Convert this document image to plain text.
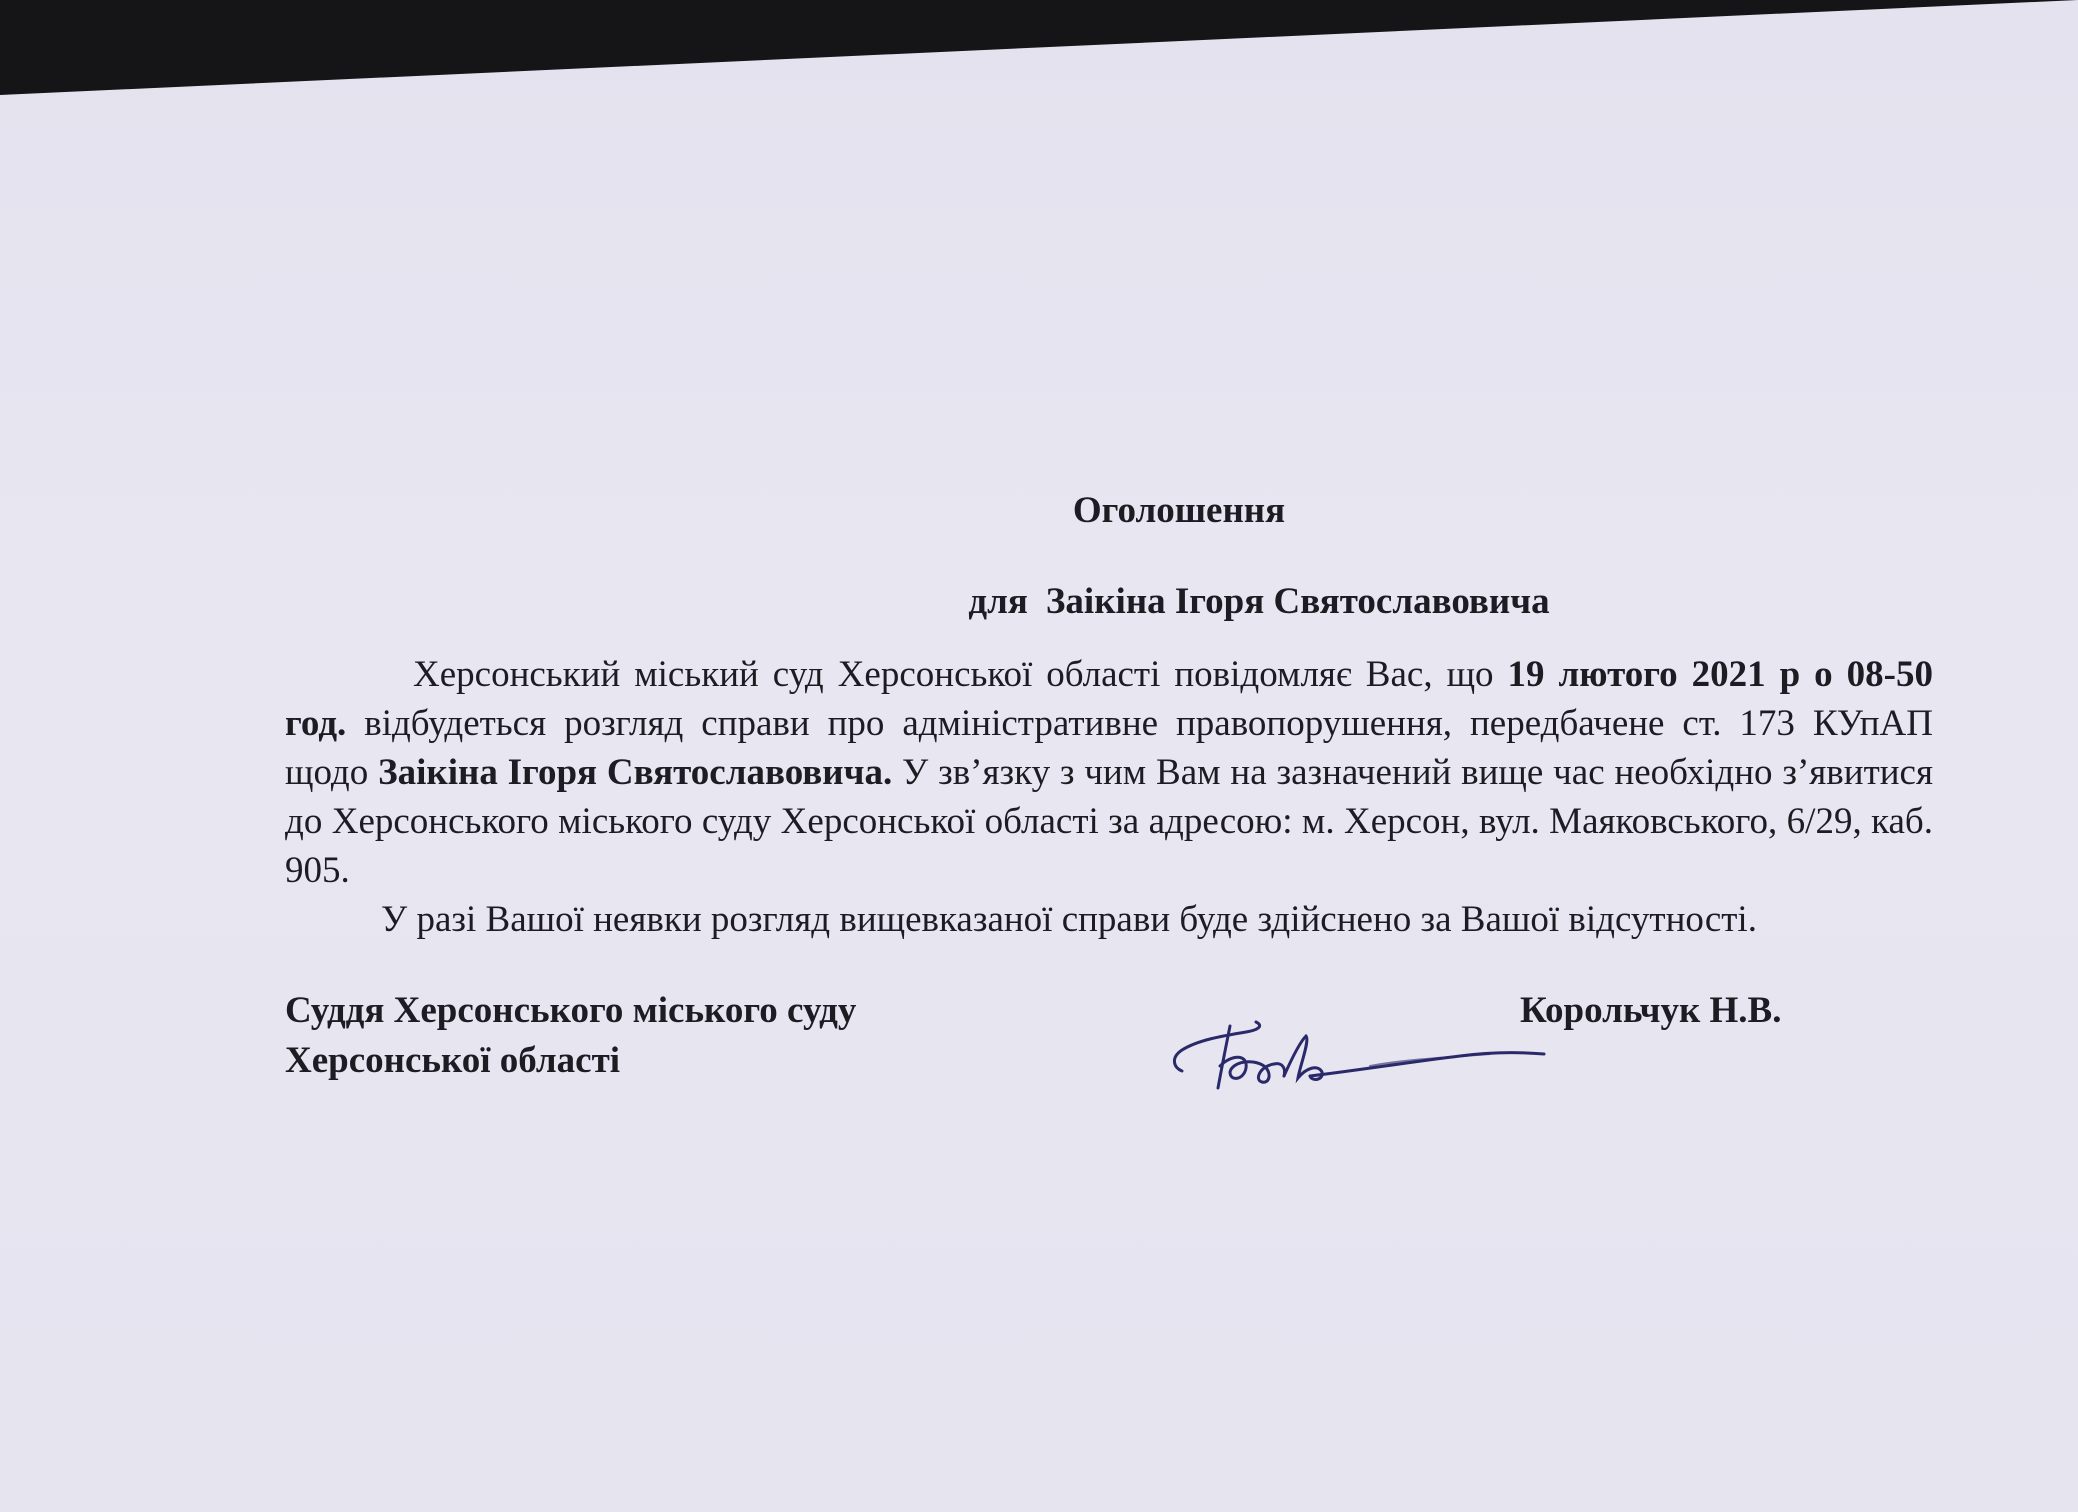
Оголошення
для Заікіна Ігоря Святославовича
Херсонський міський суд Херсонської області повідомляє Вас, що 19 лютого 2021 р о 08-50 год. відбудеться розгляд справи про адміністративне правопорушення, передбачене ст. 173 КУпАП щодо Заікіна Ігоря Святославовича. У зв’язку з чим Вам на зазначений вище час необхідно з’явитися до Херсонського міського суду Херсонської області за адресою: м. Херсон, вул. Маяковського, 6/29, каб. 905.
У разі Вашої неявки розгляд вищевказаної справи буде здійснено за Вашої відсутності.
Суддя Херсонського міського суду
Херсонської області
Корольчук Н.В.
